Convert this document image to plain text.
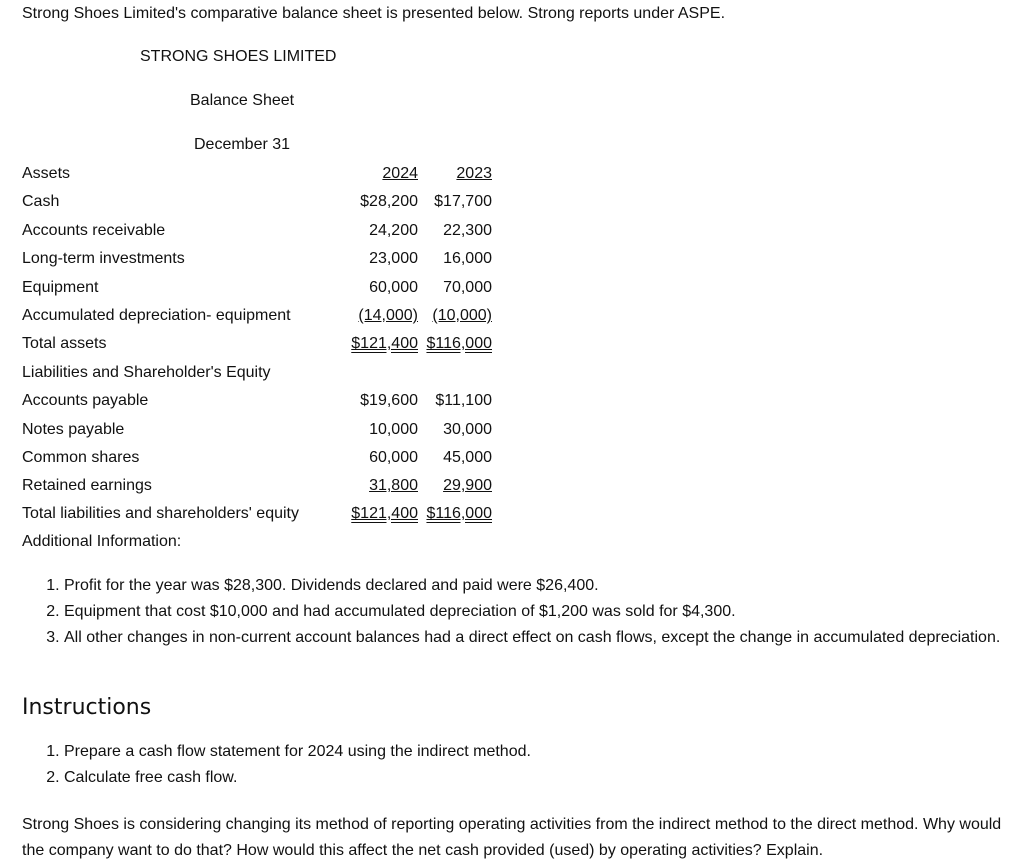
Strong Shoes Limited's comparative balance sheet is presented below. Strong reports under ASPE.
STRONG SHOES LIMITED
Balance Sheet
December 31
Assets	2024 2023
Cash	$28,200 $17,700
Accounts receivable	24,200 22,300
Long-term investments	23,000 16,000
Equipment	60,000 70,000
Accumulated depreciation- equipment	(14,000) (10,000)
Total assets	$121,400 $116,000
Liabilities and Shareholder's Equity
Accounts payable	$19,600 $11,100
Notes payable	10,000 30,000
Common shares	60,000 45,000
Retained earnings	31,800 29,900
Total liabilities and shareholders' equity	$121,400 $116,000
Additional Information:
1. Profit for the year was $28,300. Dividends declared and paid were $26,400.
2. Equipment that cost $10,000 and had accumulated depreciation of $1,200 was sold for $4,300.
3. All other changes in non-current account balances had a direct effect on cash flows, except the change in accumulated depreciation.
Instructions
1. Prepare a cash flow statement for 2024 using the indirect method.
2. Calculate free cash flow.
Strong Shoes is considering changing its method of reporting operating activities from the indirect method to the direct method. Why would the company want to do that? How would this affect the net cash provided (used) by operating activities? Explain.
